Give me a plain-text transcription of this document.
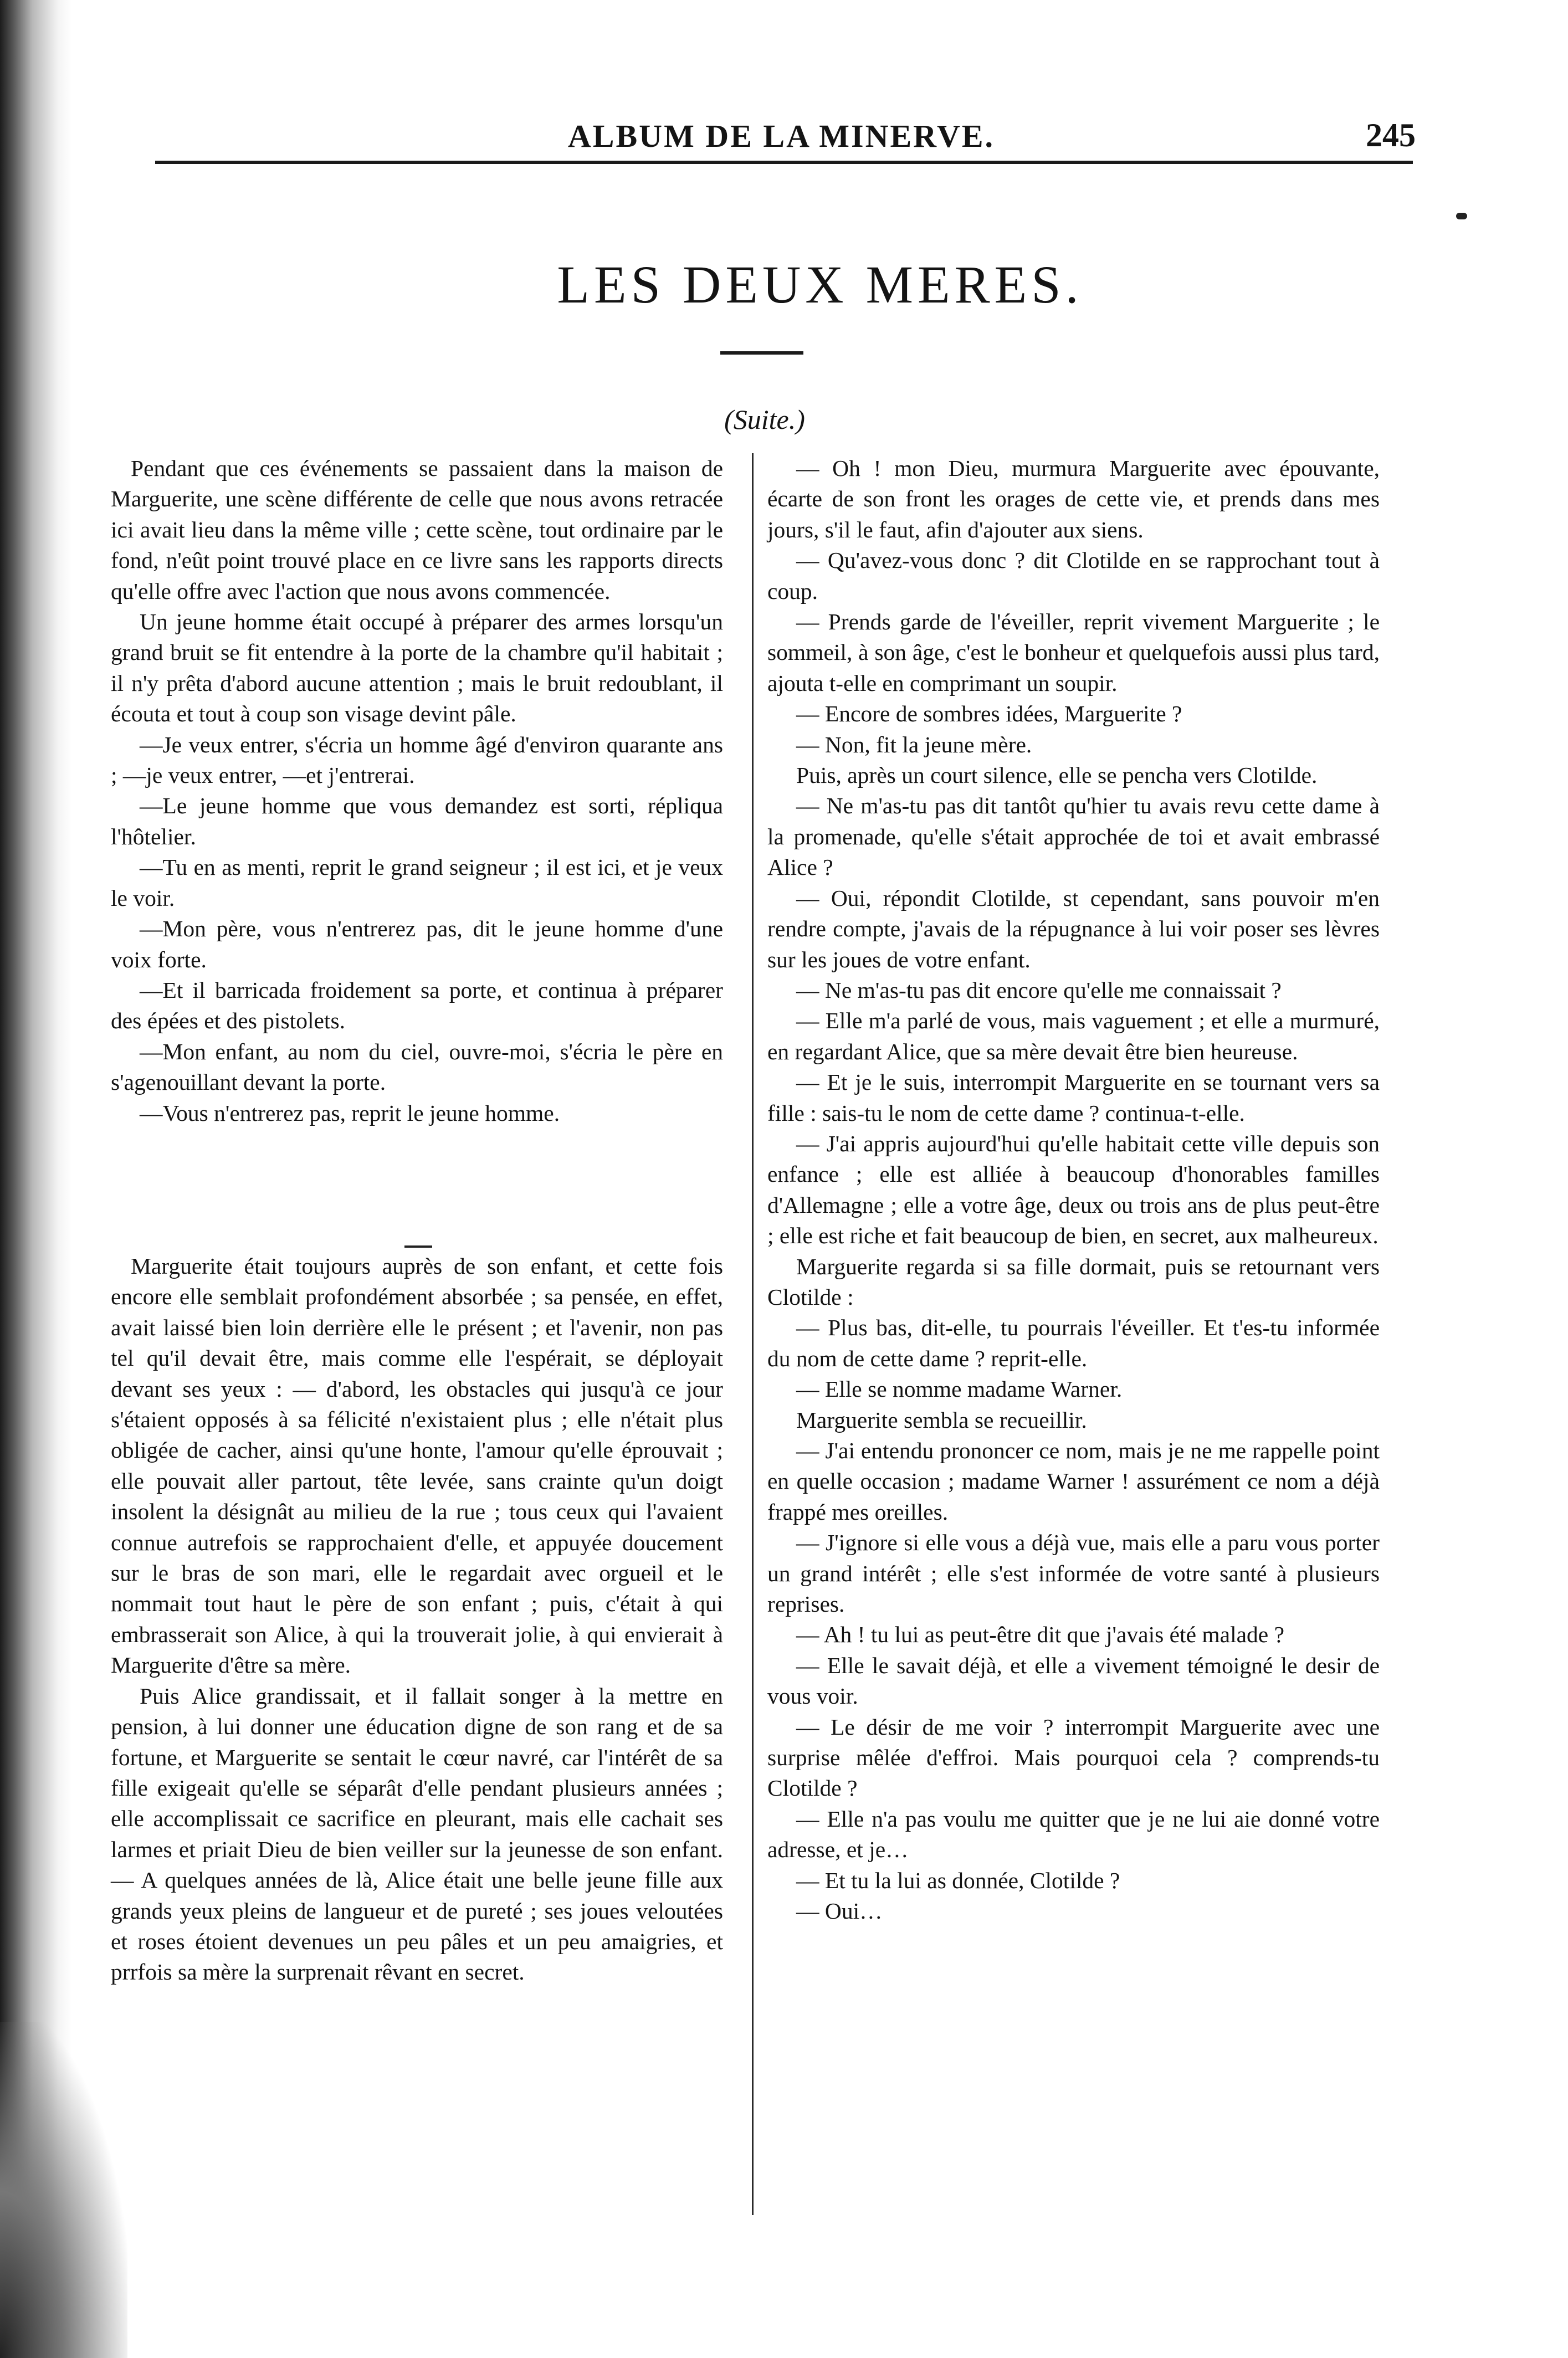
ALBUM DE LA MINERVE.	245
LES DEUX MERES.
(Suite.)

Pendant que ces événements se passaient dans la maison de Marguerite, une scène différente de celle que nous avons retracée ici avait lieu dans la même ville ; cette scène, tout ordinaire par le fond, n'eût point trouvé place en ce livre sans les rapports directs qu'elle offre avec l'action que nous avons commencée.

Un jeune homme était occupé à préparer des armes lorsqu'un grand bruit se fit entendre à la porte de la chambre qu'il habitait ; il n'y prêta d'abord aucune attention ; mais le bruit redoublant, il écouta et tout à coup son visage devint pâle.

—Je veux entrer, s'écria un homme âgé d'environ quarante ans ; —je veux entrer, —et j'entrerai.

—Le jeune homme que vous demandez est sorti, répliqua l'hôtelier.

—Tu en as menti, reprit le grand seigneur ; il est ici, et je veux le voir.

—Mon père, vous n'entrerez pas, dit le jeune homme d'une voix forte.

—Et il barricada froidement sa porte, et continua à préparer des épées et des pistolets.

—Mon enfant, au nom du ciel, ouvre-moi, s'écria le père en s'agenouillant devant la porte.

—Vous n'entrerez pas, reprit le jeune homme.

Marguerite était toujours auprès de son enfant, et cette fois encore elle semblait profondément absorbée ; sa pensée, en effet, avait laissé bien loin derrière elle le présent ; et l'avenir, non pas tel qu'il devait être, mais comme elle l'espérait, se déployait devant ses yeux : — d'abord, les obstacles qui jusqu'à ce jour s'étaient opposés à sa félicité n'existaient plus ; elle n'était plus obligée de cacher, ainsi qu'une honte, l'amour qu'elle éprouvait ; elle pouvait aller partout, tête levée, sans crainte qu'un doigt insolent la désignât au milieu de la rue ; tous ceux qui l'avaient connue autrefois se rapprochaient d'elle, et appuyée doucement sur le bras de son mari, elle le regardait avec orgueil et le nommait tout haut le père de son enfant ; puis, c'était à qui embrasserait son Alice, à qui la trouverait jolie, à qui envierait à Marguerite d'être sa mère.

Puis Alice grandissait, et il fallait songer à la mettre en pension, à lui donner une éducation digne de son rang et de sa fortune, et Marguerite se sentait le cœur navré, car l'intérêt de sa fille exigeait qu'elle se séparât d'elle pendant plusieurs années ; elle accomplissait ce sacrifice en pleurant, mais elle cachait ses larmes et priait Dieu de bien veiller sur la jeunesse de son enfant. — A quelques années de là, Alice était une belle jeune fille aux grands yeux pleins de langueur et de pureté ; ses joues veloutées et roses étoient devenues un peu pâles et un peu amaigries, et prrfois sa mère la surprenait rêvant en secret.

— Oh ! mon Dieu, murmura Marguerite avec épouvante, écarte de son front les orages de cette vie, et prends dans mes jours, s'il le faut, afin d'ajouter aux siens.

— Qu'avez-vous donc ? dit Clotilde en se rapprochant tout à coup.

— Prends garde de l'éveiller, reprit vivement Marguerite ; le sommeil, à son âge, c'est le bonheur et quelquefois aussi plus tard, ajouta t-elle en comprimant un soupir.

— Encore de sombres idées, Marguerite ?

— Non, fit la jeune mère.

Puis, après un court silence, elle se pencha vers Clotilde.

— Ne m'as-tu pas dit tantôt qu'hier tu avais revu cette dame à la promenade, qu'elle s'était approchée de toi et avait embrassé Alice ?

— Oui, répondit Clotilde, st cependant, sans pouvoir m'en rendre compte, j'avais de la répugnance à lui voir poser ses lèvres sur les joues de votre enfant.

— Ne m'as-tu pas dit encore qu'elle me connaissait ?

— Elle m'a parlé de vous, mais vaguement ; et elle a murmuré, en regardant Alice, que sa mère devait être bien heureuse.

— Et je le suis, interrompit Marguerite en se tournant vers sa fille : sais-tu le nom de cette dame ? continua-t-elle.

— J'ai appris aujourd'hui qu'elle habitait cette ville depuis son enfance ; elle est alliée à beaucoup d'honorables familles d'Allemagne ; elle a votre âge, deux ou trois ans de plus peut-être ; elle est riche et fait beaucoup de bien, en secret, aux malheureux.

Marguerite regarda si sa fille dormait, puis se retournant vers Clotilde :

— Plus bas, dit-elle, tu pourrais l'éveiller. Et t'es-tu informée du nom de cette dame ? reprit-elle.

— Elle se nomme madame Warner.

Marguerite sembla se recueillir.

— J'ai entendu prononcer ce nom, mais je ne me rappelle point en quelle occasion ; madame Warner ! assurément ce nom a déjà frappé mes oreilles.

— J'ignore si elle vous a déjà vue, mais elle a paru vous porter un grand intérêt ; elle s'est informée de votre santé à plusieurs reprises.

— Ah ! tu lui as peut-être dit que j'avais été malade ?

— Elle le savait déjà, et elle a vivement témoigné le desir de vous voir.

— Le désir de me voir ? interrompit Marguerite avec une surprise mêlée d'effroi. Mais pourquoi cela ? comprends-tu Clotilde ?

— Elle n'a pas voulu me quitter que je ne lui aie donné votre adresse, et je…

— Et tu la lui as donnée, Clotilde ?

— Oui…
